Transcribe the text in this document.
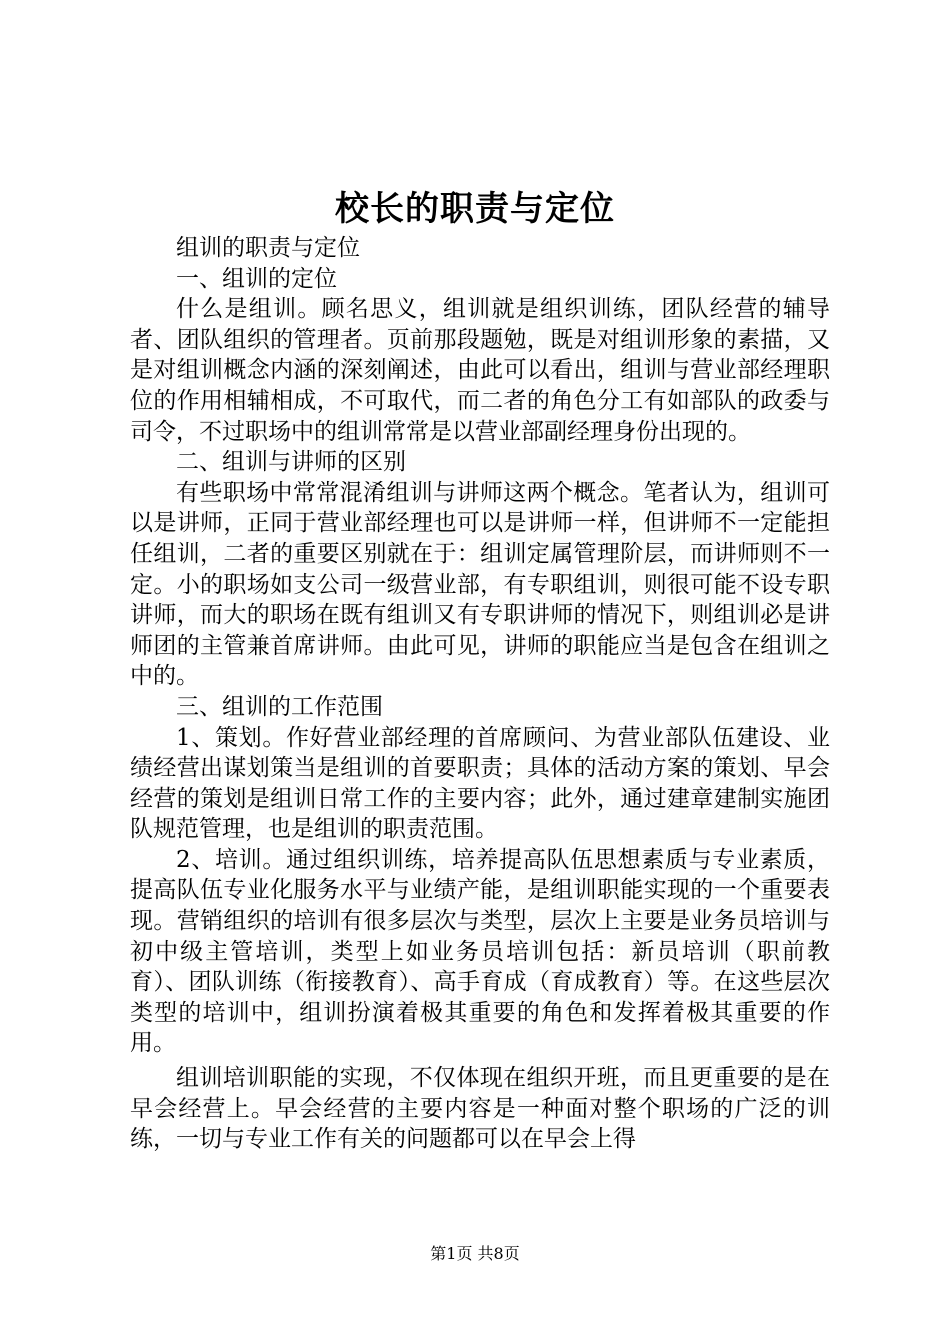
校长的职责与定位

组训的职责与定位

一、组训的定位

什么是组训。顾名思义，组训就是组织训练，团队经营的辅导者、团队组织的管理者。页前那段题勉，既是对组训形象的素描，又是对组训概念内涵的深刻阐述，由此可以看出，组训与营业部经理职位的作用相辅相成，不可取代，而二者的角色分工有如部队的政委与司令，不过职场中的组训常常是以营业部副经理身份出现的。

二、组训与讲师的区别

有些职场中常常混淆组训与讲师这两个概念。笔者认为，组训可以是讲师，正同于营业部经理也可以是讲师一样，但讲师不一定能担任组训，二者的重要区别就在于：组训定属管理阶层，而讲师则不一定。小的职场如支公司一级营业部，有专职组训，则很可能不设专职讲师，而大的职场在既有组训又有专职讲师的情况下，则组训必是讲师团的主管兼首席讲师。由此可见，讲师的职能应当是包含在组训之中的。

三、组训的工作范围

1、策划。作好营业部经理的首席顾问、为营业部队伍建设、业绩经营出谋划策当是组训的首要职责；具体的活动方案的策划、早会经营的策划是组训日常工作的主要内容；此外，通过建章建制实施团队规范管理，也是组训的职责范围。

2、培训。通过组织训练，培养提高队伍思想素质与专业素质，提高队伍专业化服务水平与业绩产能，是组训职能实现的一个重要表现。营销组织的培训有很多层次与类型，层次上主要是业务员培训与初中级主管培训，类型上如业务员培训包括：新员培训（职前教育）、团队训练（衔接教育）、高手育成（育成教育）等。在这些层次类型的培训中，组训扮演着极其重要的角色和发挥着极其重要的作用。

组训培训职能的实现，不仅体现在组织开班，而且更重要的是在早会经营上。早会经营的主要内容是一种面对整个职场的广泛的训练，一切与专业工作有关的问题都可以在早会上得

第1页 共8页
